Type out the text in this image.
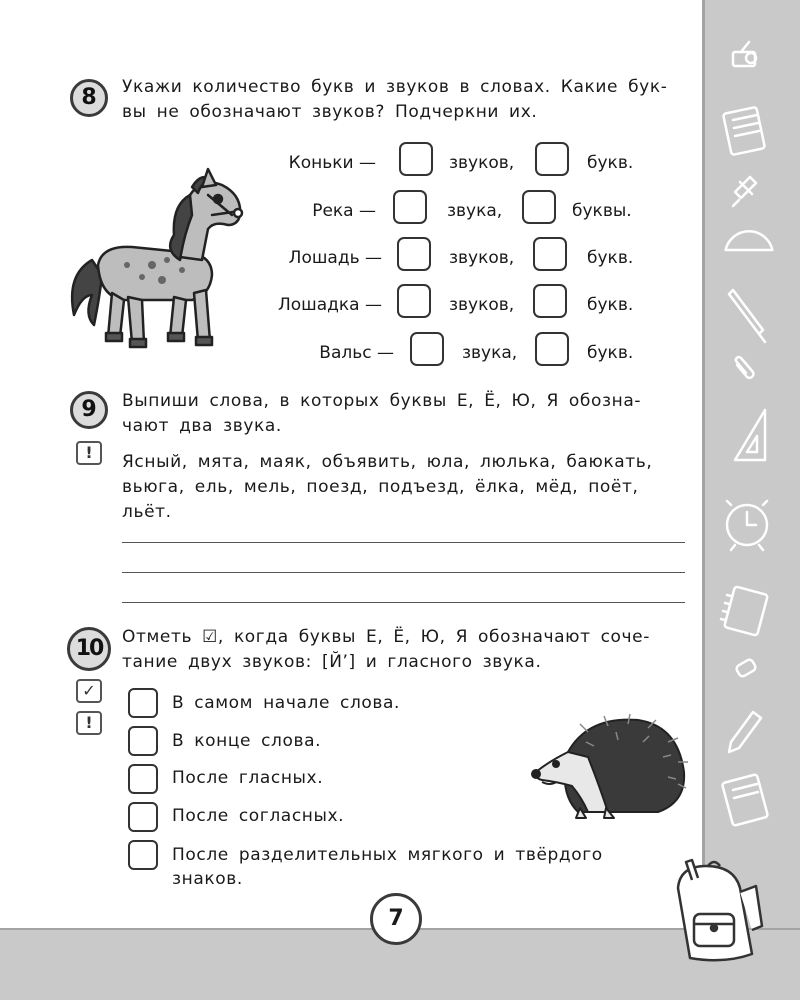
8	Укажи количество букв и звуков в словах. Какие бук-
вы не обозначают звуков? Подчеркни их.
Коньки —	звуков,	букв.
Река —	звука,	буквы.
Лошадь —	звуков,	букв.
Лошадка —	звуков,	букв.
Вальс —	звука,	букв.
9
!
Выпиши слова, в которых буквы Е, Ё, Ю, Я обозна-
чают два звука.
Ясный, мята, маяк, объявить, юла, люлька, баюкать,
вьюга, ель, мель, поезд, подъезд, ёлка, мёд, поёт,
льёт.
10
✓
!
Отметь ☑, когда буквы Е, Ё, Ю, Я обозначают соче-
тание двух звуков: [Й’] и гласного звука.
В самом начале слова.
В конце слова.
После гласных.
После согласных.
После разделительных мягкого и твёрдого
знаков.
7
